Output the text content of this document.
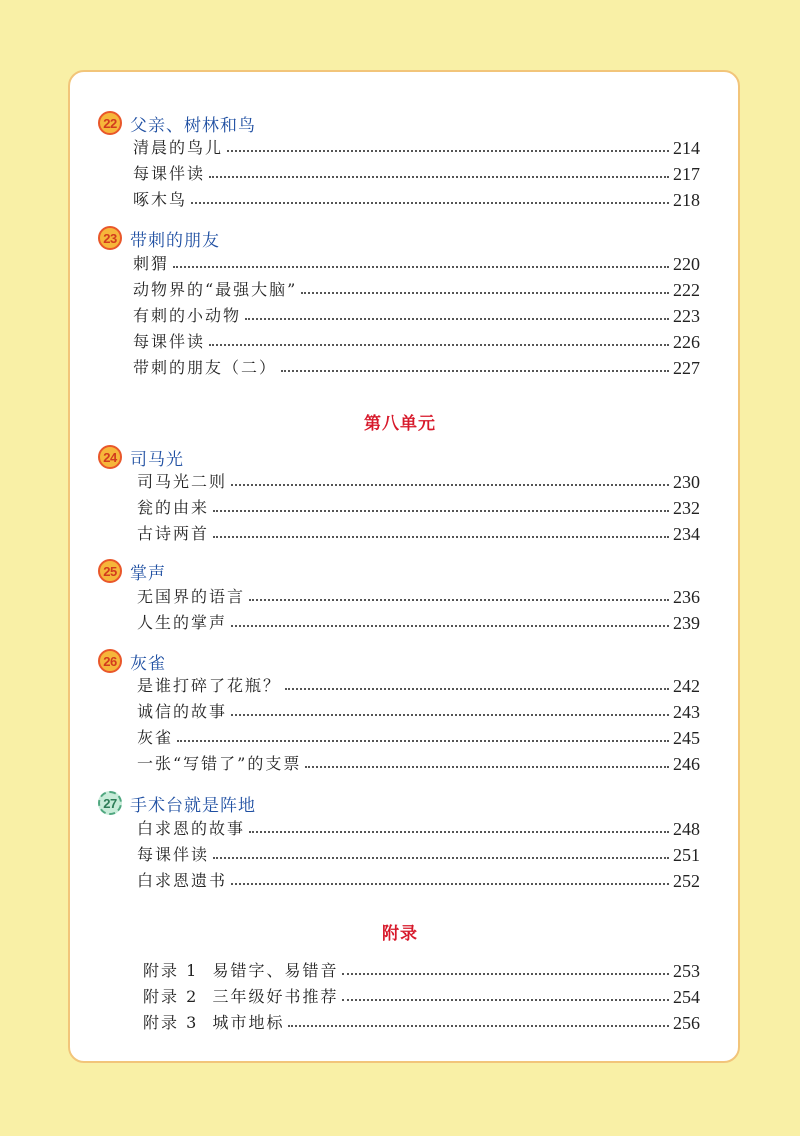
22 父亲、树林和鸟
清晨的鸟儿	214
每课伴读	217
啄木鸟	218
23 带刺的朋友
刺猬	220
动物界的“最强大脑”	222
有刺的小动物	223
每课伴读	226
带刺的朋友（二）	227
第八单元
24 司马光
司马光二则	230
瓮的由来	232
古诗两首	234
25 掌声
无国界的语言	236
人生的掌声	239
26 灰雀
是谁打碎了花瓶？	242
诚信的故事	243
灰雀	245
一张“写错了”的支票	246
27 手术台就是阵地
白求恩的故事	248
每课伴读	251
白求恩遗书	252
附录
附录 1  易错字、易错音	253
附录 2  三年级好书推荐	254
附录 3  城市地标	256
